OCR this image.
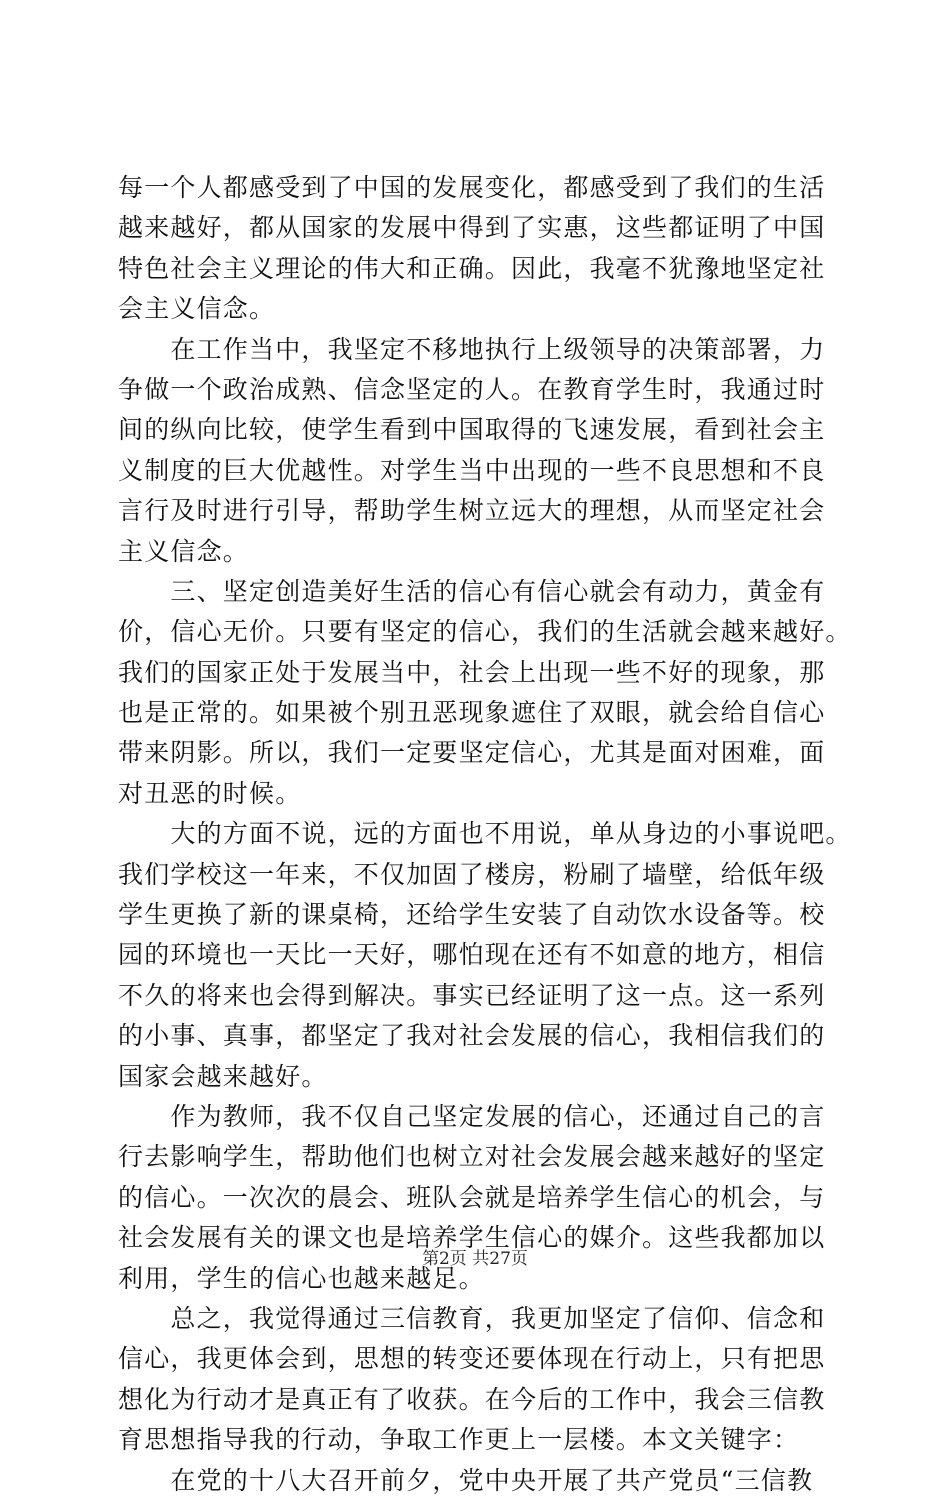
每一个人都感受到了中国的发展变化，都感受到了我们的生活
越来越好，都从国家的发展中得到了实惠，这些都证明了中国
特色社会主义理论的伟大和正确。因此，我毫不犹豫地坚定社
会主义信念。
　　在工作当中，我坚定不移地执行上级领导的决策部署，力
争做一个政治成熟、信念坚定的人。在教育学生时，我通过时
间的纵向比较，使学生看到中国取得的飞速发展，看到社会主
义制度的巨大优越性。对学生当中出现的一些不良思想和不良
言行及时进行引导，帮助学生树立远大的理想，从而坚定社会
主义信念。
　　三、坚定创造美好生活的信心有信心就会有动力，黄金有
价，信心无价。只要有坚定的信心，我们的生活就会越来越好。
我们的国家正处于发展当中，社会上出现一些不好的现象，那
也是正常的。如果被个别丑恶现象遮住了双眼，就会给自信心
带来阴影。所以，我们一定要坚定信心，尤其是面对困难，面
对丑恶的时候。
　　大的方面不说，远的方面也不用说，单从身边的小事说吧。
我们学校这一年来，不仅加固了楼房，粉刷了墙壁，给低年级
学生更换了新的课桌椅，还给学生安装了自动饮水设备等。校
园的环境也一天比一天好，哪怕现在还有不如意的地方，相信
不久的将来也会得到解决。事实已经证明了这一点。这一系列
的小事、真事，都坚定了我对社会发展的信心，我相信我们的
国家会越来越好。
　　作为教师，我不仅自己坚定发展的信心，还通过自己的言
行去影响学生，帮助他们也树立对社会发展会越来越好的坚定
的信心。一次次的晨会、班队会就是培养学生信心的机会，与
社会发展有关的课文也是培养学生信心的媒介。这些我都加以
利用，学生的信心也越来越足。
　　总之，我觉得通过三信教育，我更加坚定了信仰、信念和
信心，我更体会到，思想的转变还要体现在行动上，只有把思
想化为行动才是真正有了收获。在今后的工作中，我会三信教
育思想指导我的行动，争取工作更上一层楼。本文关键字：
　　在党的十八大召开前夕，党中央开展了共产党员“三信教
第2页 共27页
